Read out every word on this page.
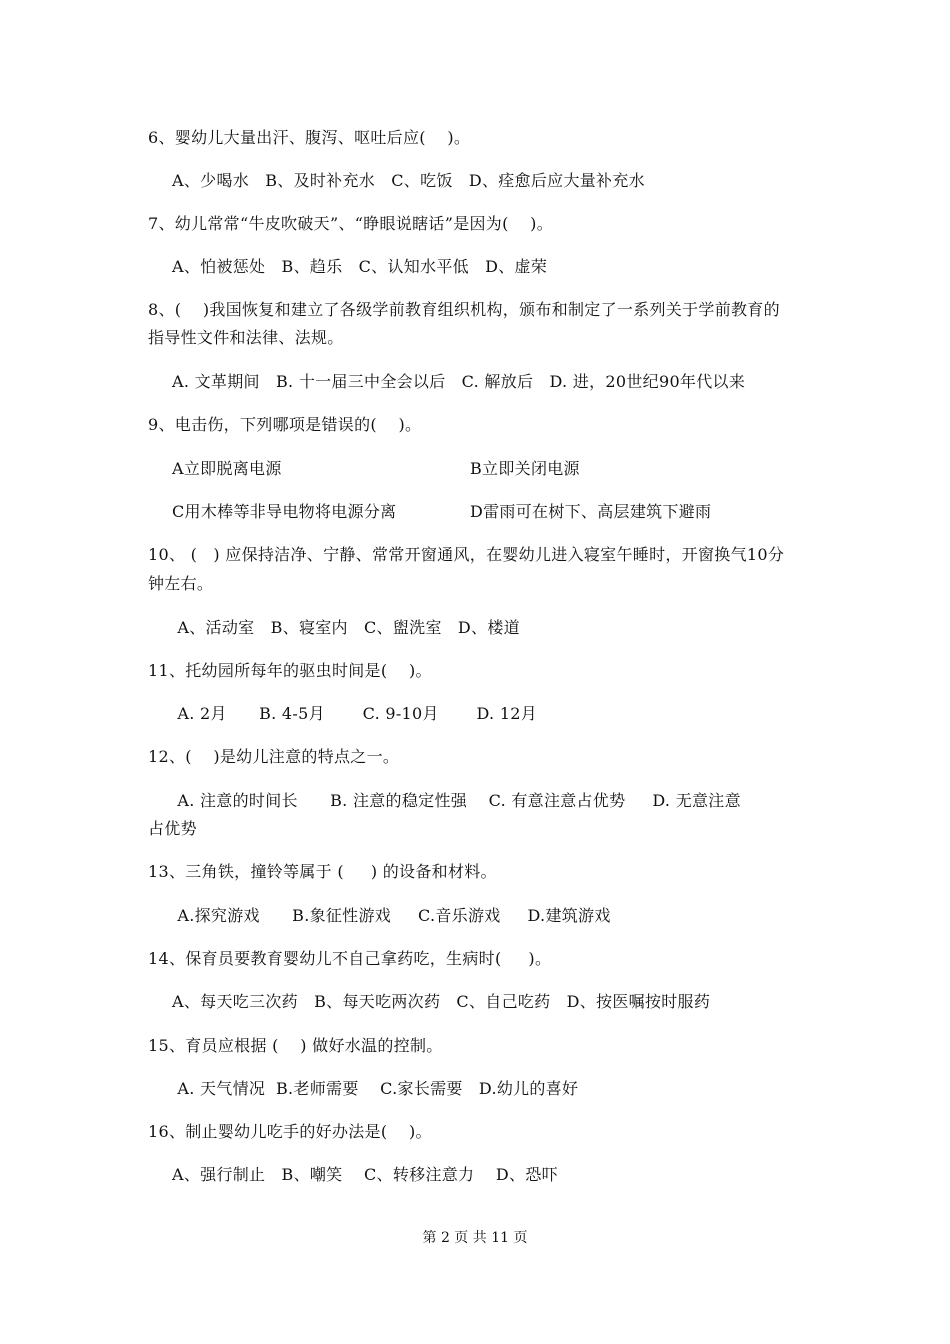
6、婴幼儿大量出汗、腹泻、呕吐后应(    )。
A、少喝水   B、及时补充水   C、吃饭   D、痊愈后应大量补充水
7、幼儿常常“牛皮吹破天”、“睁眼说瞎话”是因为(    )。
A、怕被惩处   B、趋乐   C、认知水平低   D、虚荣
8、(    )我国恢复和建立了各级学前教育组织机构，颁布和制定了一系列关于学前教育的
指导性文件和法律、法规。
A. 文革期间   B. 十一届三中全会以后   C. 解放后   D. 进，20世纪90年代以来
9、电击伤，下列哪项是错误的(    )。
A立即脱离电源	B立即关闭电源
C用木棒等非导电物将电源分离	D雷雨可在树下、高层建筑下避雨
10、 (   ) 应保持洁净、宁静、常常开窗通风，在婴幼儿进入寝室午睡时，开窗换气10分
钟左右。
A、活动室   B、寝室内   C、盥洗室   D、楼道
11、托幼园所每年的驱虫时间是(    )。
A. 2月      B. 4-5月       C. 9-10月       D. 12月
12、(    )是幼儿注意的特点之一。
A. 注意的时间长      B. 注意的稳定性强    C. 有意注意占优势     D. 无意注意
占优势
13、三角铁，撞铃等属于 (     ) 的设备和材料。
A.探究游戏      B.象征性游戏     C.音乐游戏     D.建筑游戏
14、保育员要教育婴幼儿不自己拿药吃，生病时(     )。
A、每天吃三次药   B、每天吃两次药   C、自己吃药   D、按医嘱按时服药
15、育员应根据 (    ) 做好水温的控制。
A. 天气情况  B.老师需要    C.家长需要   D.幼儿的喜好
16、制止婴幼儿吃手的好办法是(    )。
A、强行制止   B、嘲笑    C、转移注意力    D、恐吓
第 2 页 共 11 页
